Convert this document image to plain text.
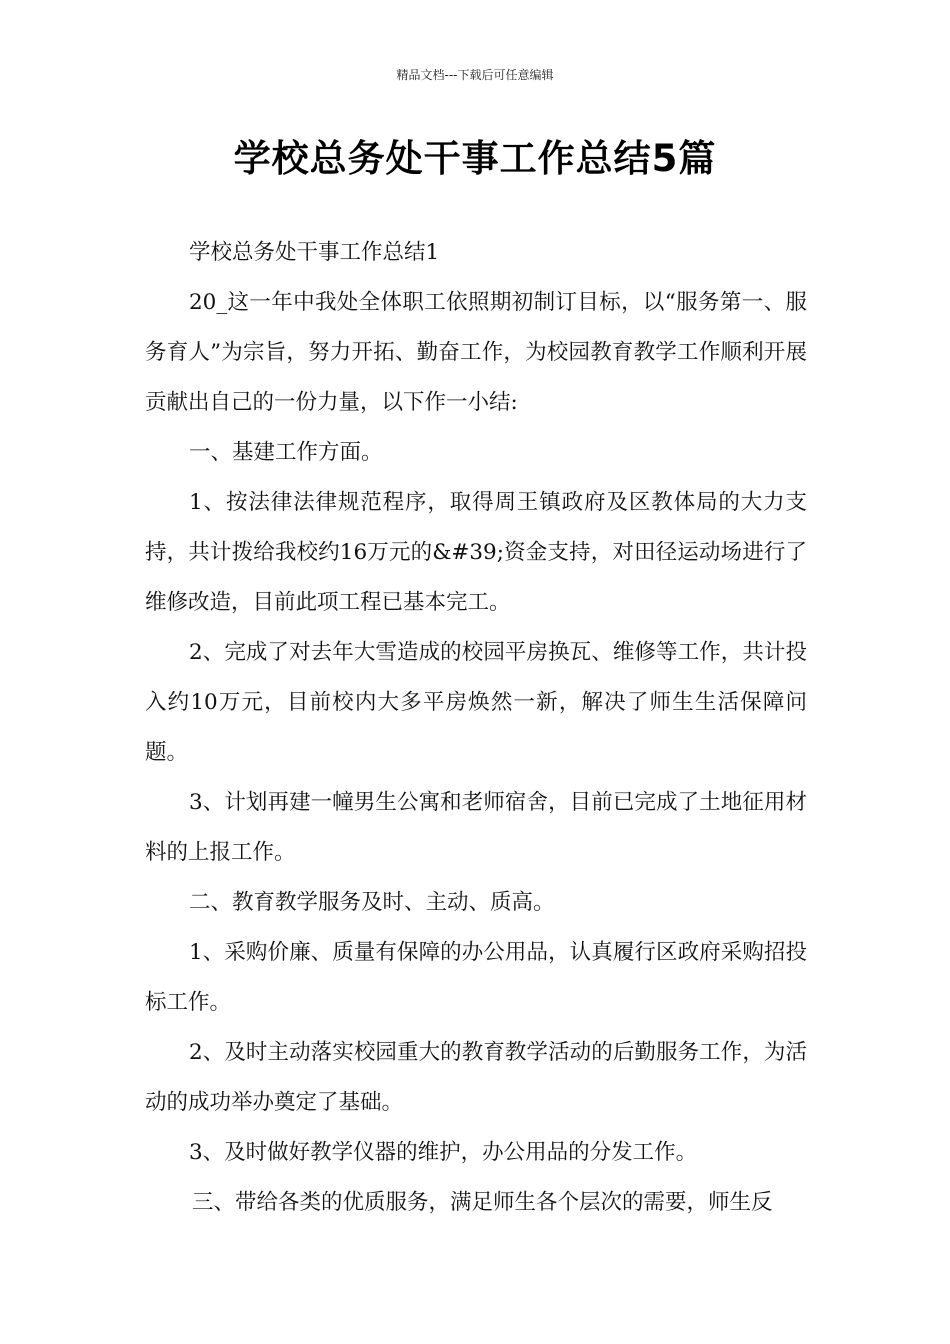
精品文档---下载后可任意编辑
学校总务处干事工作总结5篇

学校总务处干事工作总结1

20_这一年中我处全体职工依照期初制订目标，以“服务第一、服务育人”为宗旨，努力开拓、勤奋工作，为校园教育教学工作顺利开展贡献出自己的一份力量，以下作一小结:

一、基建工作方面。

1、按法律法律规范程序，取得周王镇政府及区教体局的大力支持，共计拨给我校约16万元的&#39;资金支持，对田径运动场进行了维修改造，目前此项工程已基本完工。

2、完成了对去年大雪造成的校园平房换瓦、维修等工作，共计投入约10万元，目前校内大多平房焕然一新，解决了师生生活保障问题。

3、计划再建一幢男生公寓和老师宿舍，目前已完成了土地征用材料的上报工作。

二、教育教学服务及时、主动、质高。

1、采购价廉、质量有保障的办公用品，认真履行区政府采购招投标工作。

2、及时主动落实校园重大的教育教学活动的后勤服务工作，为活动的成功举办奠定了基础。

3、及时做好教学仪器的维护，办公用品的分发工作。

三、带给各类的优质服务，满足师生各个层次的需要，师生反
